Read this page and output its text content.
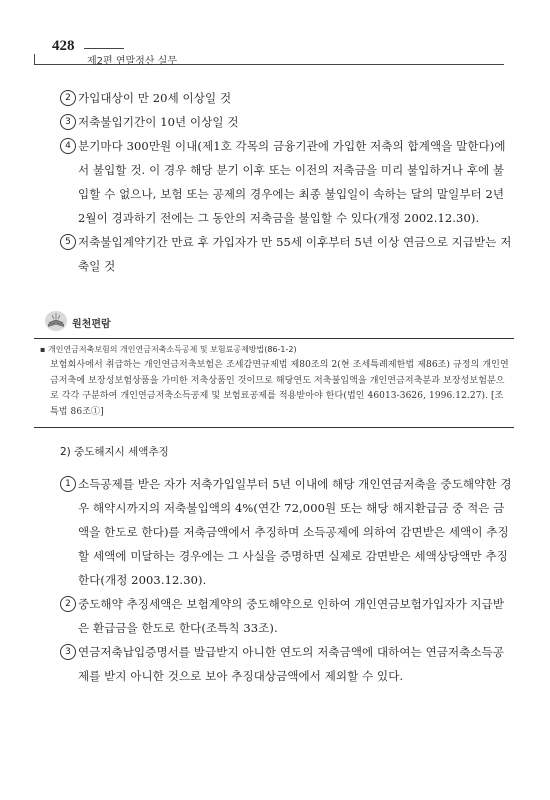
428
제2편 연말정산 실무
2 가입대상이 만 20세 이상일 것
3 저축불입기간이 10년 이상일 것
4 분기마다 300만원 이내(제1호 각목의 금융기관에 가입한 저축의 합계액을 말한다)에서 불입할 것. 이 경우 해당 분기 이후 또는 이전의 저축금을 미리 불입하거나 후에 불입할 수 없으나, 보험 또는 공제의 경우에는 최종 불입일이 속하는 달의 말일부터 2년 2월이 경과하기 전에는 그 동안의 저축금을 불입할 수 있다(개정 2002.12.30).
5 저축불입계약기간 만료 후 가입자가 만 55세 이후부터 5년 이상 연금으로 지급받는 저축일 것
원천편람
▪ 개인연금저축보험의 개인연금저축소득공제 및 보험료공제방법(86-1-2)
보험회사에서 취급하는 개인연금저축보험은 조세감면규제법 제80조의 2(현 조세특례제한법 제86조) 규정의 개인연금저축에 보장성보험상품을 가미한 저축상품인 것이므로 해당연도 저축불입액을 개인연금저축분과 보장성보험분으로 각각 구분하여 개인연금저축소득공제 및 보험료공제를 적용받아야 한다(법인 46013-3626, 1996.12.27). [조특법 86조①]
2) 중도해지시 세액추징
1 소득공제를 받은 자가 저축가입일부터 5년 이내에 해당 개인연금저축을 중도해약한 경우 해약시까지의 저축불입액의 4%(연간 72,000원 또는 해당 해지환급금 중 적은 금액을 한도로 한다)를 저축금액에서 추징하며 소득공제에 의하여 감면받은 세액이 추징할 세액에 미달하는 경우에는 그 사실을 증명하면 실제로 감면받은 세액상당액만 추징한다(개정 2003.12.30).
2 중도해약 추징세액은 보험계약의 중도해약으로 인하여 개인연금보험가입자가 지급받은 환급금을 한도로 한다(조특칙 33조).
3 연금저축납입증명서를 발급받지 아니한 연도의 저축금액에 대하여는 연금저축소득공제를 받지 아니한 것으로 보아 추징대상금액에서 제외할 수 있다.
